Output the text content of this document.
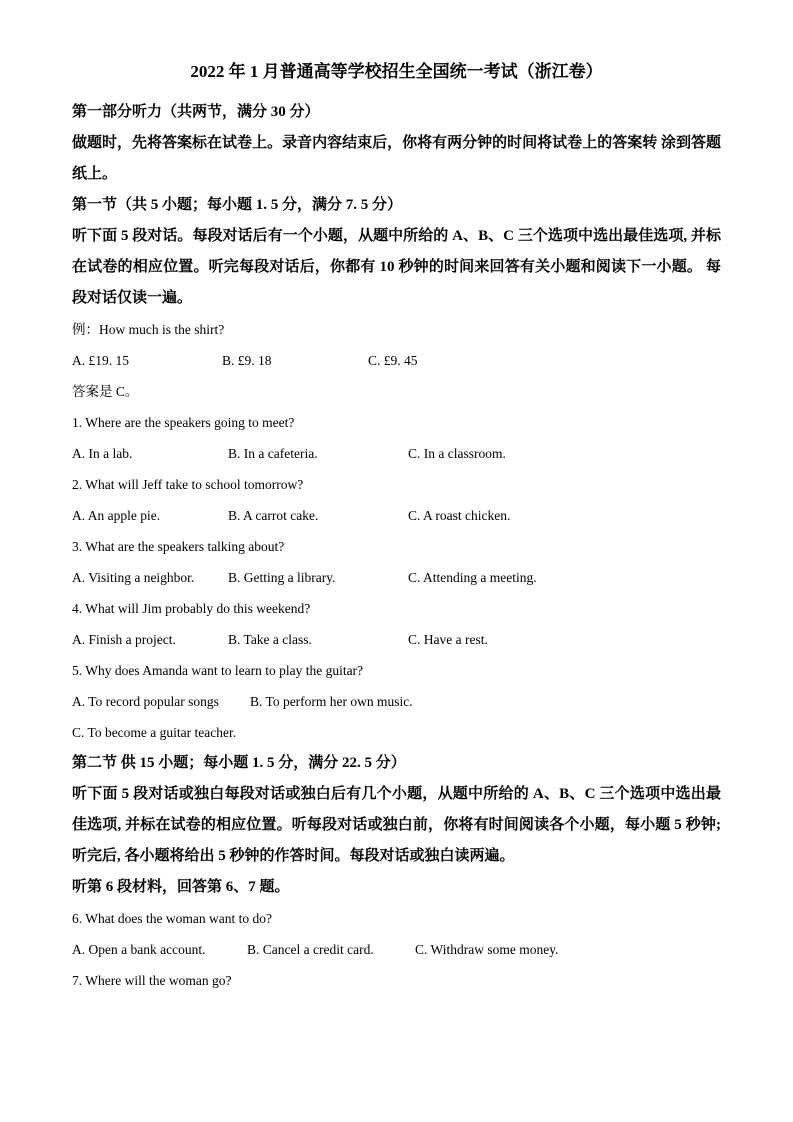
2022 年 1 月普通高等学校招生全国统一考试（浙江卷）

第一部分听力（共两节，满分 30 分）

做题时，先将答案标在试卷上。录音内容结束后，你将有两分钟的时间将试卷上的答案转 涂到答题纸上。

第一节（共 5 小题；每小题 1. 5 分，满分 7. 5 分）

听下面 5 段对话。每段对话后有一个小题，从题中所给的 A、B、C 三个选项中选出最佳选项, 并标在试卷的相应位置。听完每段对话后，你都有 10 秒钟的时间来回答有关小题和阅读下一小题。 每段对话仅读一遍。

例：How much is the shirt?

A. £19. 15	B. £9. 18	C. £9. 45

答案是 C。

1. Where are the speakers going to meet?

A. In a lab.	B. In a cafeteria.	C. In a classroom.

2. What will Jeff take to school tomorrow?

A. An apple pie.	B. A carrot cake.	C. A roast chicken.

3. What are the speakers talking about?

A. Visiting a neighbor.	B. Getting a library.	C. Attending a meeting.

4. What will Jim probably do this weekend?

A. Finish a project.	B. Take a class.	C. Have a rest.

5. Why does Amanda want to learn to play the guitar?

A. To record popular songs	B. To perform her own music.

C. To become a guitar teacher.

第二节 供 15 小题；每小题 1. 5 分，满分 22. 5 分）

听下面 5 段对话或独白每段对话或独白后有几个小题，从题中所给的 A、B、C 三个选项中选出最 佳选项, 并标在试卷的相应位置。听每段对话或独白前，你将有时间阅读各个小题，每小题 5 秒钟;听完后, 各小题将给出 5 秒钟的作答时间。每段对话或独白读两遍。

听第 6 段材料，回答第 6、7 题。

6. What does the woman want to do?

A. Open a bank account.	B. Cancel a credit card.	C. Withdraw some money.

7. Where will the woman go?
